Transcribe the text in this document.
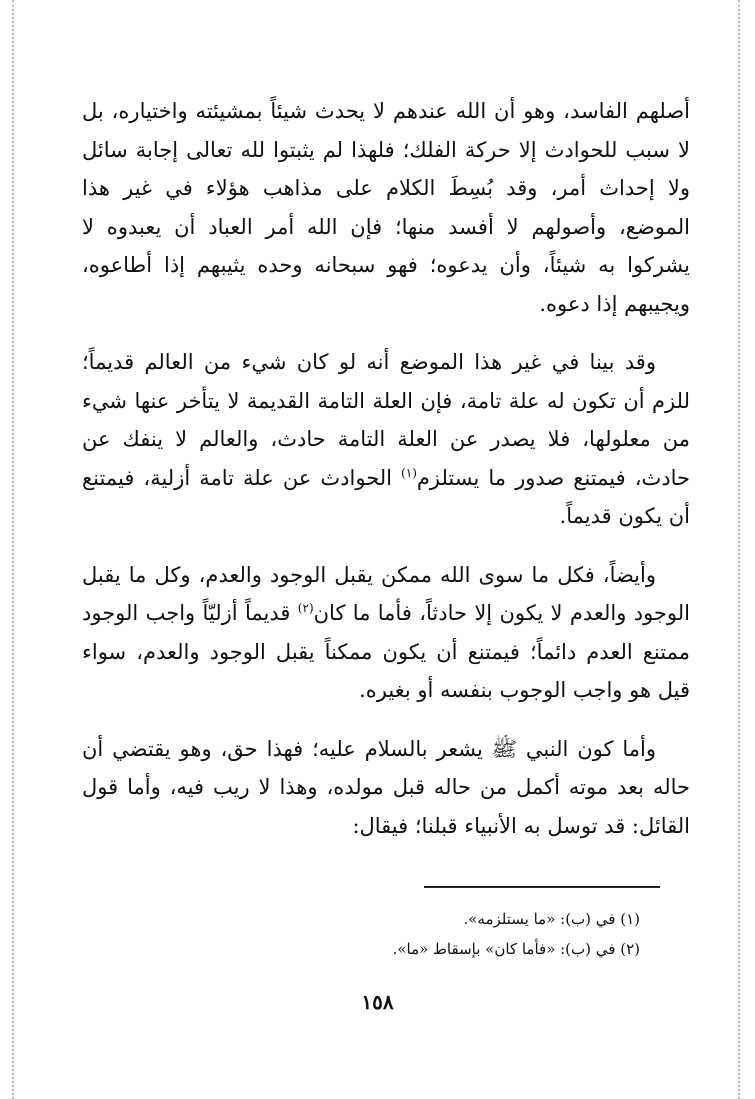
أصلهم الفاسد، وهو أن الله عندهم لا يحدث شيئاً بمشيئته واختياره، بل لا سبب للحوادث إلا حركة الفلك؛ فلهذا لم يثبتوا لله تعالى إجابة سائل ولا إحداث أمر، وقد بُسِطَ الكلام على مذاهب هؤلاء في غير هذا الموضع، وأصولهم لا أفسد منها؛ فإن الله أمر العباد أن يعبدوه لا يشركوا به شيئاً، وأن يدعوه؛ فهو سبحانه وحده يثيبهم إذا أطاعوه، ويجيبهم إذا دعوه.

وقد بينا في غير هذا الموضع أنه لو كان شيء من العالم قديماً؛ للزم أن تكون له علة تامة، فإن العلة التامة القديمة لا يتأخر عنها شيء من معلولها، فلا يصدر عن العلة التامة حادث، والعالم لا ينفك عن حادث، فيمتنع صدور ما يستلزم$^{(١)}$ الحوادث عن علة تامة أزلية، فيمتنع أن يكون قديماً.

وأيضاً، فكل ما سوى الله ممكن يقبل الوجود والعدم، وكل ما يقبل الوجود والعدم لا يكون إلا حادثاً، فأما ما كان$^{(٢)}$ قديماً أزليّاً واجب الوجود ممتنع العدم دائماً؛ فيمتنع أن يكون ممكناً يقبل الوجود والعدم، سواء قيل هو واجب الوجوب بنفسه أو بغيره.

وأما كون النبي ﷺ يشعر بالسلام عليه؛ فهذا حق، وهو يقتضي أن حاله بعد موته أكمل من حاله قبل مولده، وهذا لا ريب فيه، وأما قول القائل: قد توسل به الأنبياء قبلنا؛ فيقال:

(١) في (ب): «ما يستلزمه».
(٢) في (ب): «فأما كان» بإسقاط «ما».
١٥٨
